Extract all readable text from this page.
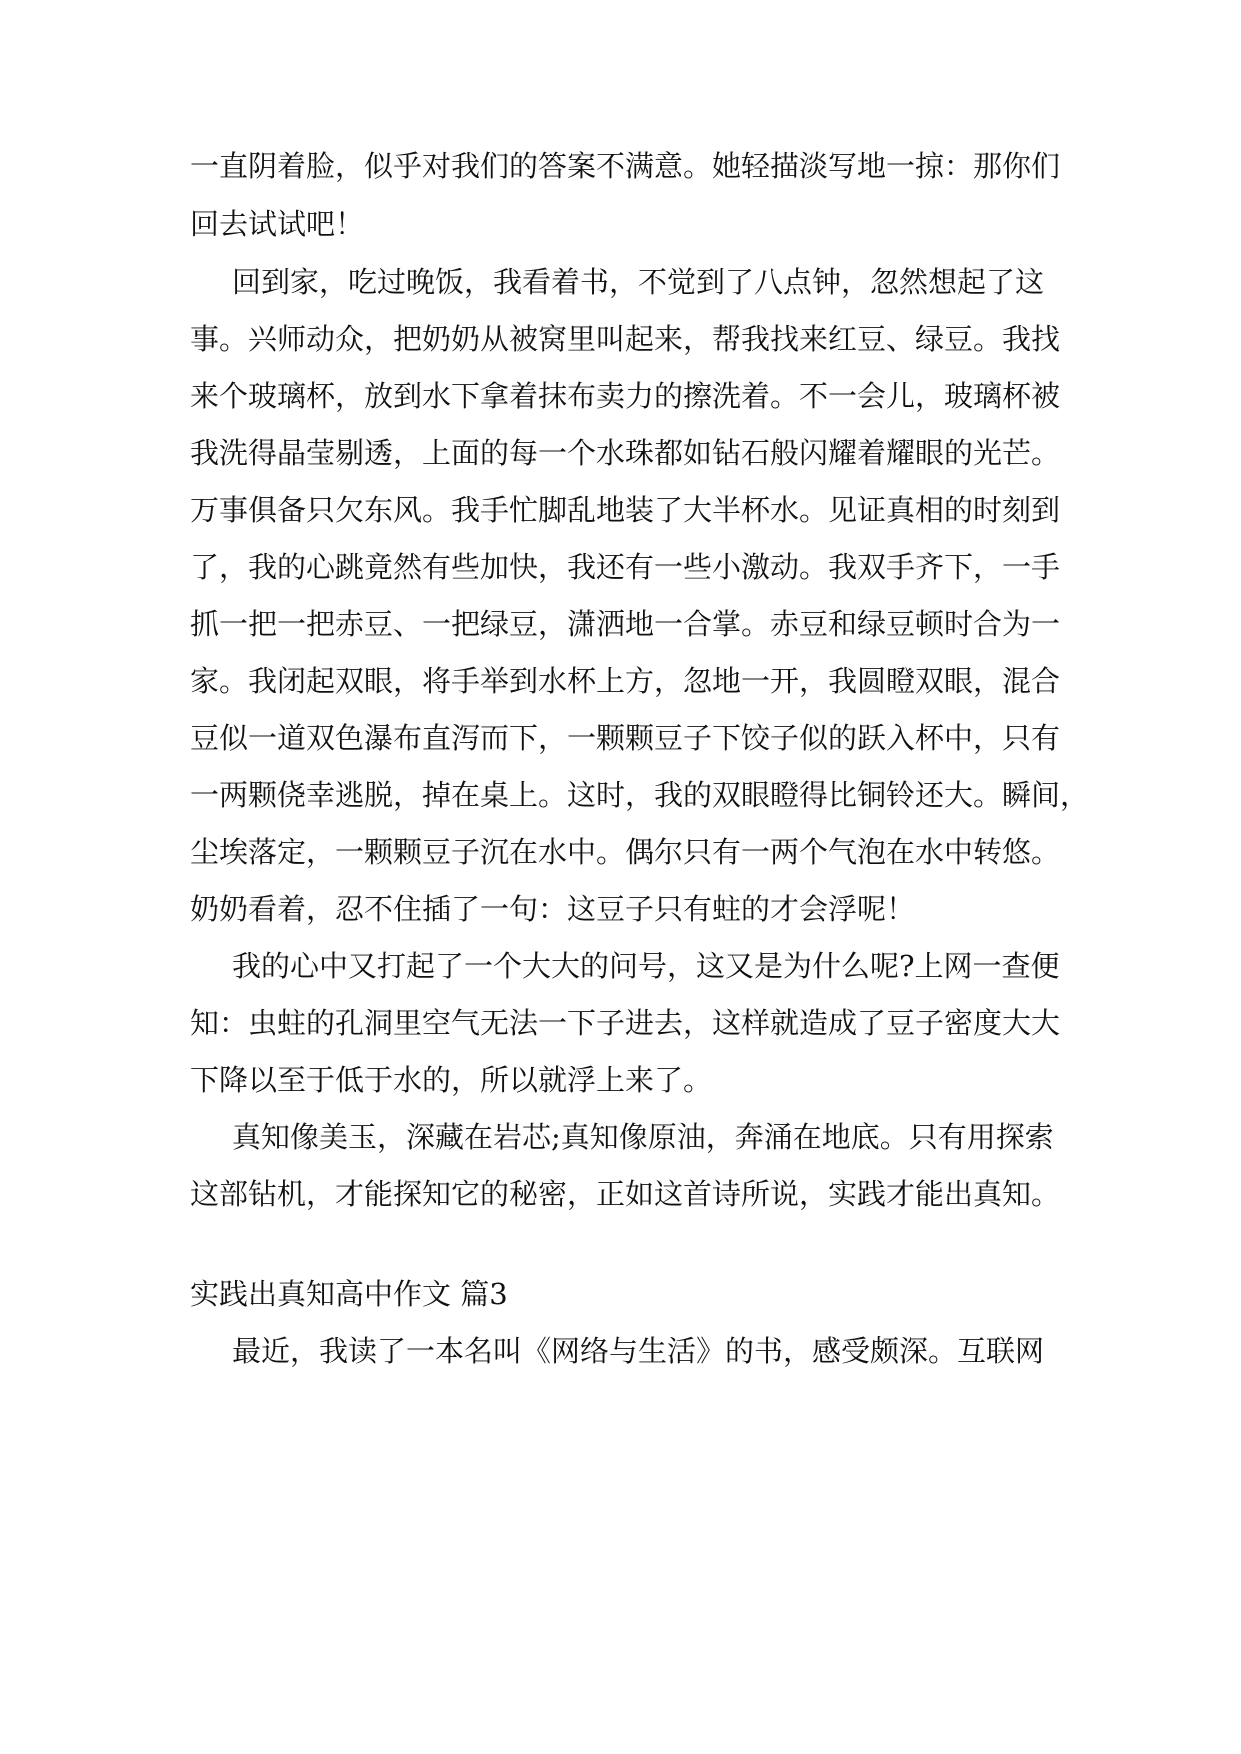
一直阴着脸，似乎对我们的答案不满意。她轻描淡写地一掠：那你们
回去试试吧！
回到家，吃过晚饭，我看着书，不觉到了八点钟，忽然想起了这
事。兴师动众，把奶奶从被窝里叫起来，帮我找来红豆、绿豆。我找
来个玻璃杯，放到水下拿着抹布卖力的擦洗着。不一会儿，玻璃杯被
我洗得晶莹剔透，上面的每一个水珠都如钻石般闪耀着耀眼的光芒。
万事俱备只欠东风。我手忙脚乱地装了大半杯水。见证真相的时刻到
了，我的心跳竟然有些加快，我还有一些小激动。我双手齐下，一手
抓一把一把赤豆、一把绿豆，潇洒地一合掌。赤豆和绿豆顿时合为一
家。我闭起双眼，将手举到水杯上方，忽地一开，我圆瞪双眼，混合
豆似一道双色瀑布直泻而下，一颗颗豆子下饺子似的跃入杯中，只有
一两颗侥幸逃脱，掉在桌上。这时，我的双眼瞪得比铜铃还大。瞬间，
尘埃落定，一颗颗豆子沉在水中。偶尔只有一两个气泡在水中转悠。
奶奶看着，忍不住插了一句：这豆子只有蛀的才会浮呢！
我的心中又打起了一个大大的问号，这又是为什么呢?上网一查便
知：虫蛀的孔洞里空气无法一下子进去，这样就造成了豆子密度大大
下降以至于低于水的，所以就浮上来了。
真知像美玉，深藏在岩芯;真知像原油，奔涌在地底。只有用探索
这部钻机，才能探知它的秘密，正如这首诗所说，实践才能出真知。
实践出真知高中作文 篇3
最近，我读了一本名叫《网络与生活》的书，感受颇深。互联网
